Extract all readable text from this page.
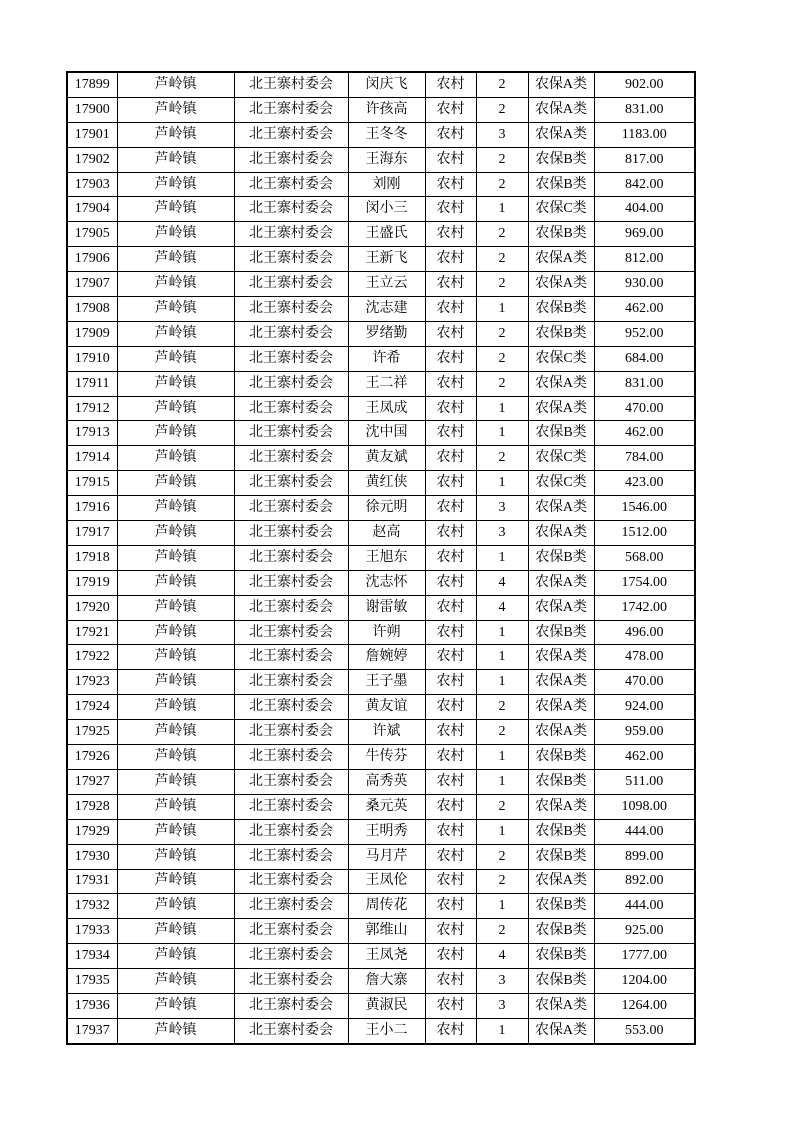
17899	芦岭镇	北王寨村委会	闵庆飞	农村	2	农保A类	902.00
17900	芦岭镇	北王寨村委会	许孩高	农村	2	农保A类	831.00
17901	芦岭镇	北王寨村委会	王冬冬	农村	3	农保A类	1183.00
17902	芦岭镇	北王寨村委会	王海东	农村	2	农保B类	817.00
17903	芦岭镇	北王寨村委会	刘刚	农村	2	农保B类	842.00
17904	芦岭镇	北王寨村委会	闵小三	农村	1	农保C类	404.00
17905	芦岭镇	北王寨村委会	王盛氏	农村	2	农保B类	969.00
17906	芦岭镇	北王寨村委会	王新飞	农村	2	农保A类	812.00
17907	芦岭镇	北王寨村委会	王立云	农村	2	农保A类	930.00
17908	芦岭镇	北王寨村委会	沈志建	农村	1	农保B类	462.00
17909	芦岭镇	北王寨村委会	罗绪勤	农村	2	农保B类	952.00
17910	芦岭镇	北王寨村委会	许希	农村	2	农保C类	684.00
17911	芦岭镇	北王寨村委会	王二祥	农村	2	农保A类	831.00
17912	芦岭镇	北王寨村委会	王凤成	农村	1	农保A类	470.00
17913	芦岭镇	北王寨村委会	沈中国	农村	1	农保B类	462.00
17914	芦岭镇	北王寨村委会	黄友斌	农村	2	农保C类	784.00
17915	芦岭镇	北王寨村委会	黄红侠	农村	1	农保C类	423.00
17916	芦岭镇	北王寨村委会	徐元明	农村	3	农保A类	1546.00
17917	芦岭镇	北王寨村委会	赵高	农村	3	农保A类	1512.00
17918	芦岭镇	北王寨村委会	王旭东	农村	1	农保B类	568.00
17919	芦岭镇	北王寨村委会	沈志怀	农村	4	农保A类	1754.00
17920	芦岭镇	北王寨村委会	谢雷敏	农村	4	农保A类	1742.00
17921	芦岭镇	北王寨村委会	许朔	农村	1	农保B类	496.00
17922	芦岭镇	北王寨村委会	詹婉婷	农村	1	农保A类	478.00
17923	芦岭镇	北王寨村委会	王子墨	农村	1	农保A类	470.00
17924	芦岭镇	北王寨村委会	黄友谊	农村	2	农保A类	924.00
17925	芦岭镇	北王寨村委会	许斌	农村	2	农保A类	959.00
17926	芦岭镇	北王寨村委会	牛传芬	农村	1	农保B类	462.00
17927	芦岭镇	北王寨村委会	高秀英	农村	1	农保B类	511.00
17928	芦岭镇	北王寨村委会	桑元英	农村	2	农保A类	1098.00
17929	芦岭镇	北王寨村委会	王明秀	农村	1	农保B类	444.00
17930	芦岭镇	北王寨村委会	马月芹	农村	2	农保B类	899.00
17931	芦岭镇	北王寨村委会	王凤伦	农村	2	农保A类	892.00
17932	芦岭镇	北王寨村委会	周传花	农村	1	农保B类	444.00
17933	芦岭镇	北王寨村委会	郭维山	农村	2	农保B类	925.00
17934	芦岭镇	北王寨村委会	王凤尧	农村	4	农保B类	1777.00
17935	芦岭镇	北王寨村委会	詹大寨	农村	3	农保B类	1204.00
17936	芦岭镇	北王寨村委会	黄淑民	农村	3	农保A类	1264.00
17937	芦岭镇	北王寨村委会	王小二	农村	1	农保A类	553.00
